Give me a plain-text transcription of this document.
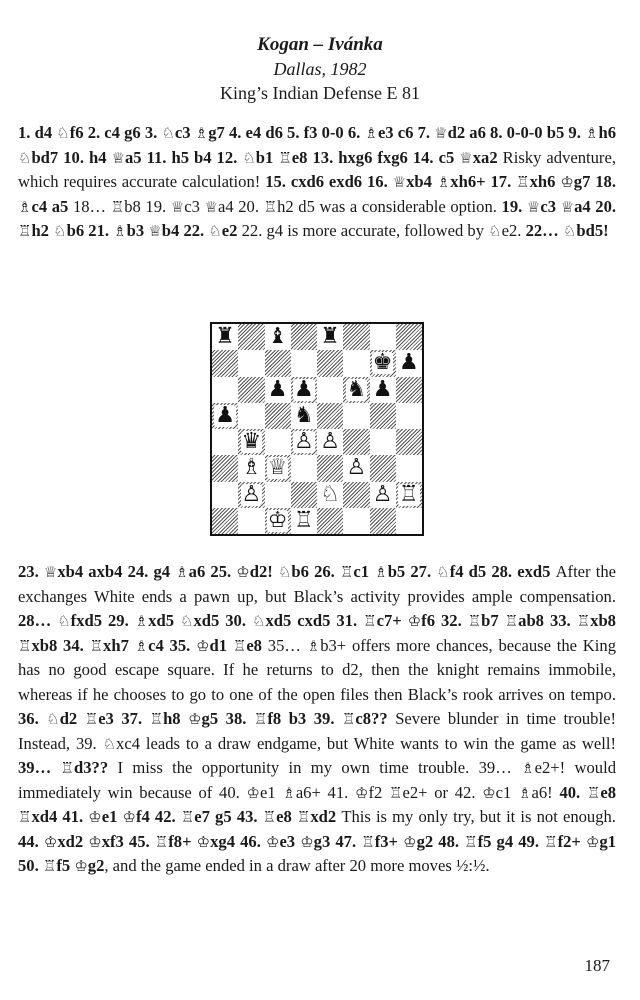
Kogan – Ivánka
Dallas, 1982
King’s Indian Defense E 81
1. d4 ♘f6 2. c4 g6 3. ♘c3 ♗g7 4. e4 d6 5. f3 0-0 6. ♗e3 c6 7. ♕d2 a6 8. 0-0-0 b5 9. ♗h6 ♘bd7 10. h4 ♕a5 11. h5 b4 12. ♘b1 ♖e8 13. hxg6 fxg6 14. c5 ♕xa2 Risky adventure, which requires accurate calculation! 15. cxd6 exd6 16. ♕xb4 ♗xh6+ 17. ♖xh6 ♔g7 18. ♗c4 a5 18… ♖b8 19. ♕c3 ♕a4 20. ♖h2 d5 was a considerable option. 19. ♕c3 ♕a4 20. ♖h2 ♘b6 21. ♗b3 ♕b4 22. ♘e2 22. g4 is more accurate, followed by ♘e2. 22… ♘bd5!
♜ ♝ ♜
♚ ♟
♟ ♟ ♞ ♟
♟	♞
♛ ♙ ♙
♗ ♕	♙
♙	♘ ♙ ♖
♔ ♖
23. ♕xb4 axb4 24. g4 ♗a6 25. ♔d2! ♘b6 26. ♖c1 ♗b5 27. ♘f4 d5 28. exd5 After the exchanges White ends a pawn up, but Black’s activity provides ample compensation. 28… ♘fxd5 29. ♗xd5 ♘xd5 30. ♘xd5 cxd5 31. ♖c7+ ♔f6 32. ♖b7 ♖ab8 33. ♖xb8 ♖xb8 34. ♖xh7 ♗c4 35. ♔d1 ♖e8 35… ♗b3+ offers more chances, because the King has no good escape square. If he returns to d2, then the knight remains immobile, whereas if he chooses to go to one of the open files then Black’s rook arrives on tempo. 36. ♘d2 ♖e3 37. ♖h8 ♔g5 38. ♖f8 b3 39. ♖c8?? Severe blunder in time trouble! Instead, 39. ♘xc4 leads to a draw endgame, but White wants to win the game as well! 39… ♖d3?? I miss the opportunity in my own time trouble. 39… ♗e2+! would immediately win because of 40. ♔e1 ♗a6+ 41. ♔f2 ♖e2+ or 42. ♔c1 ♗a6! 40. ♖e8 ♖xd4 41. ♔e1 ♔f4 42. ♖e7 g5 43. ♖e8 ♖xd2 This is my only try, but it is not enough. 44. ♔xd2 ♔xf3 45. ♖f8+ ♔xg4 46. ♔e3 ♔g3 47. ♖f3+ ♔g2 48. ♖f5 g4 49. ♖f2+ ♔g1 50. ♖f5 ♔g2, and the game ended in a draw after 20 more moves ½:½.
187
